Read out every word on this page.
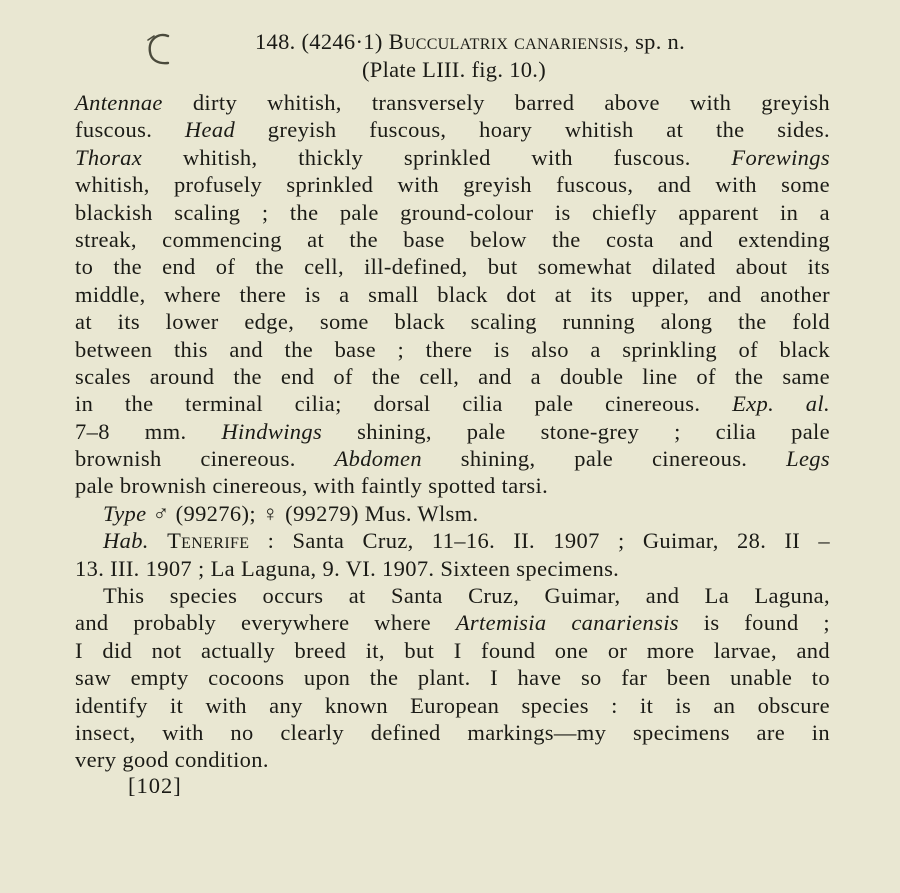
148. (4246·1) Bucculatrix canariensis, sp. n.
(Plate LIII. fig. 10.)
Antennae dirty whitish, transversely barred above with greyish
fuscous. Head greyish fuscous, hoary whitish at the sides.
Thorax whitish, thickly sprinkled with fuscous. Forewings
whitish, profusely sprinkled with greyish fuscous, and with some
blackish scaling ; the pale ground-colour is chiefly apparent in a
streak, commencing at the base below the costa and extending
to the end of the cell, ill-defined, but somewhat dilated about its
middle, where there is a small black dot at its upper, and another
at its lower edge, some black scaling running along the fold
between this and the base ; there is also a sprinkling of black
scales around the end of the cell, and a double line of the same
in the terminal cilia; dorsal cilia pale cinereous. Exp. al.
7–8 mm. Hindwings shining, pale stone-grey ; cilia pale
brownish cinereous. Abdomen shining, pale cinereous. Legs
pale brownish cinereous, with faintly spotted tarsi.
Type ♂ (99276); ♀ (99279) Mus. Wlsm.
Hab. Tenerife : Santa Cruz, 11–16. II. 1907 ; Guimar, 28. II –
13. III. 1907 ; La Laguna, 9. VI. 1907. Sixteen specimens.
This species occurs at Santa Cruz, Guimar, and La Laguna,
and probably everywhere where Artemisia canariensis is found ;
I did not actually breed it, but I found one or more larvae, and
saw empty cocoons upon the plant. I have so far been unable to
identify it with any known European species : it is an obscure
insect, with no clearly defined markings—my specimens are in
very good condition.
[102]
